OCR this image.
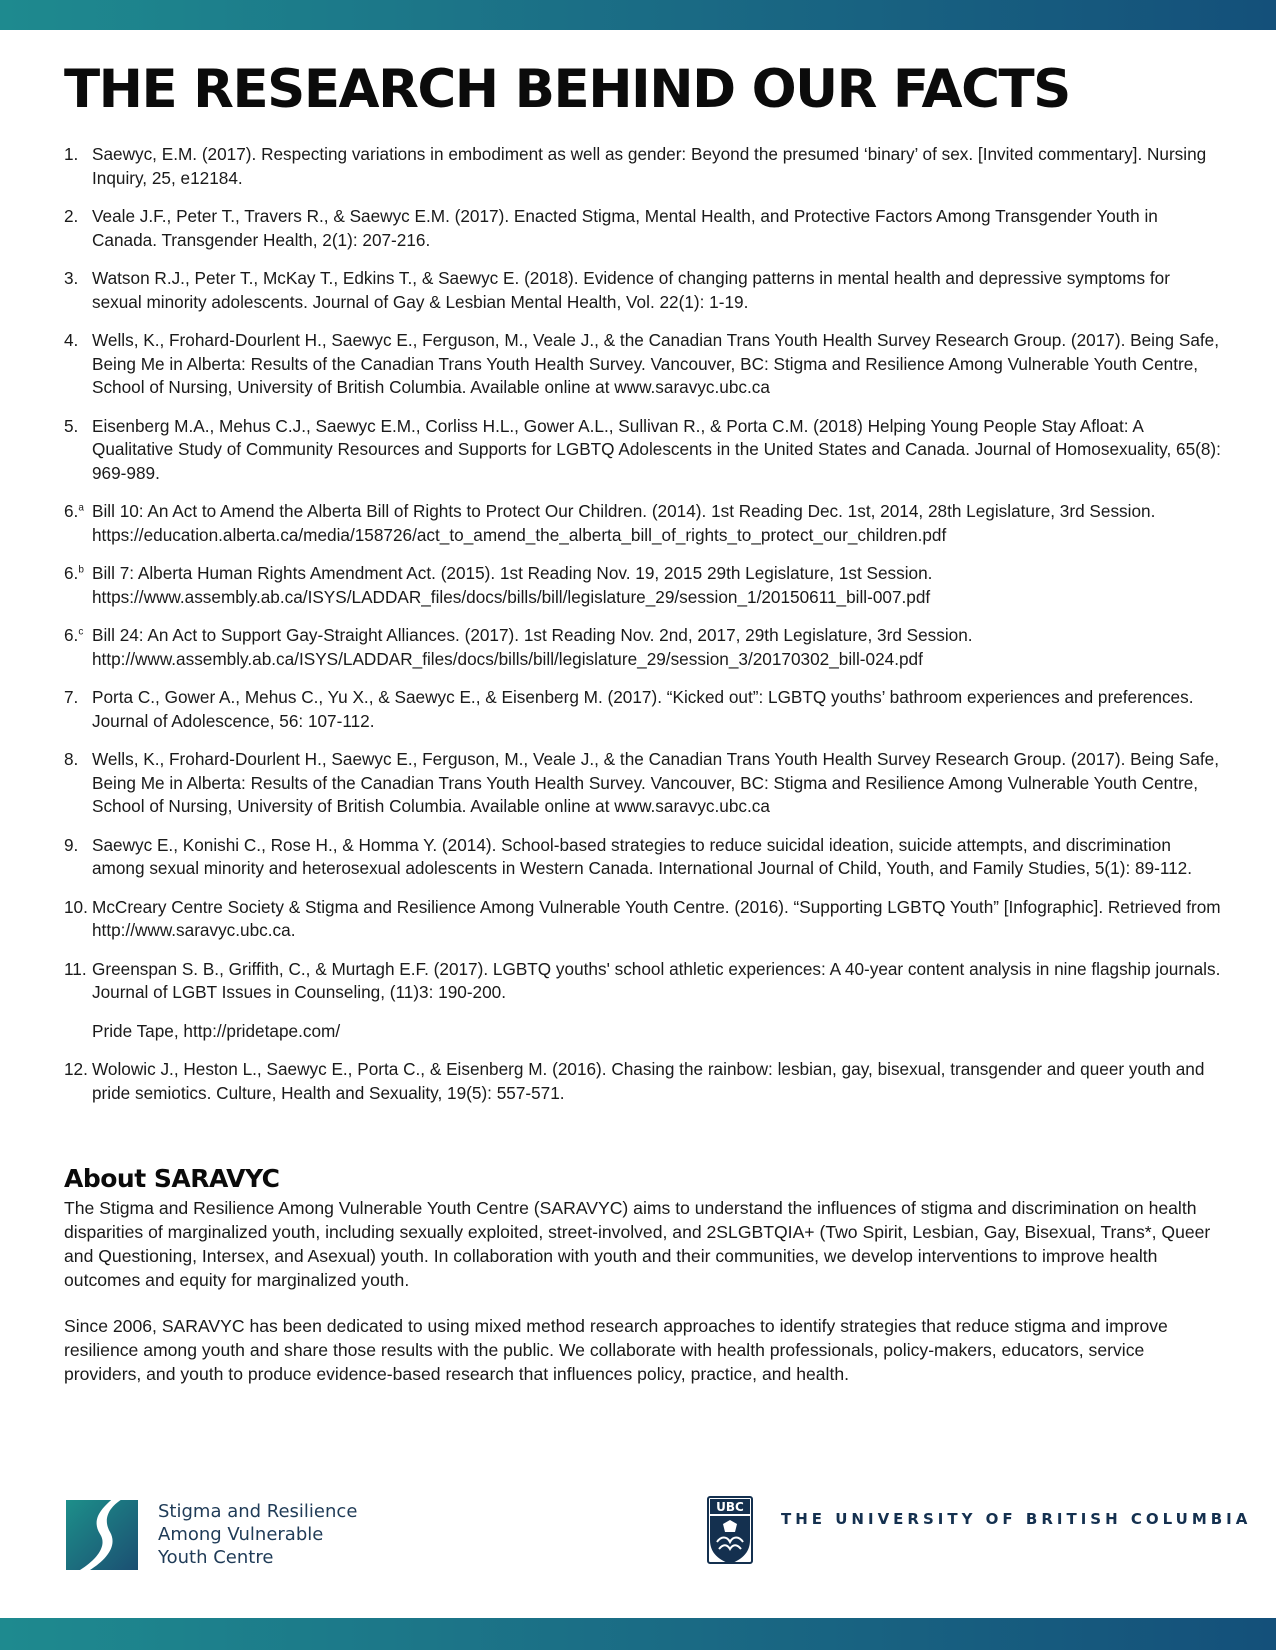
THE RESEARCH BEHIND OUR FACTS
1. Saewyc, E.M. (2017). Respecting variations in embodiment as well as gender: Beyond the presumed ‘binary’ of sex. [Invited commentary]. Nursing Inquiry, 25, e12184.
2. Veale J.F., Peter T., Travers R., & Saewyc E.M. (2017). Enacted Stigma, Mental Health, and Protective Factors Among Transgender Youth in Canada. Transgender Health, 2(1): 207-216.
3. Watson R.J., Peter T., McKay T., Edkins T., & Saewyc E. (2018). Evidence of changing patterns in mental health and depressive symptoms for sexual minority adolescents. Journal of Gay & Lesbian Mental Health, Vol. 22(1): 1-19.
4. Wells, K., Frohard-Dourlent H., Saewyc E., Ferguson, M., Veale J., & the Canadian Trans Youth Health Survey Research Group. (2017). Being Safe, Being Me in Alberta: Results of the Canadian Trans Youth Health Survey. Vancouver, BC: Stigma and Resilience Among Vulnerable Youth Centre, School of Nursing, University of British Columbia. Available online at www.saravyc.ubc.ca
5. Eisenberg M.A., Mehus C.J., Saewyc E.M., Corliss H.L., Gower A.L., Sullivan R., & Porta C.M. (2018) Helping Young People Stay Afloat: A Qualitative Study of Community Resources and Supports for LGBTQ Adolescents in the United States and Canada. Journal of Homosexuality, 65(8): 969-989.
6.$^a$ Bill 10: An Act to Amend the Alberta Bill of Rights to Protect Our Children. (2014). 1st Reading Dec. 1st, 2014, 28th Legislature, 3rd Session. https://education.alberta.ca/media/158726/act_to_amend_the_alberta_bill_of_rights_to_protect_our_children.pdf
6.$^b$ Bill 7: Alberta Human Rights Amendment Act. (2015). 1st Reading Nov. 19, 2015 29th Legislature, 1st Session. https://www.assembly.ab.ca/ISYS/LADDAR_files/docs/bills/bill/legislature_29/session_1/20150611_bill-007.pdf
6.$^c$ Bill 24: An Act to Support Gay-Straight Alliances. (2017). 1st Reading Nov. 2nd, 2017, 29th Legislature, 3rd Session. http://www.assembly.ab.ca/ISYS/LADDAR_files/docs/bills/bill/legislature_29/session_3/20170302_bill-024.pdf
7. Porta C., Gower A., Mehus C., Yu X., & Saewyc E., & Eisenberg M. (2017). “Kicked out”: LGBTQ youths’ bathroom experiences and preferences. Journal of Adolescence, 56: 107-112.
8. Wells, K., Frohard-Dourlent H., Saewyc E., Ferguson, M., Veale J., & the Canadian Trans Youth Health Survey Research Group. (2017). Being Safe, Being Me in Alberta: Results of the Canadian Trans Youth Health Survey. Vancouver, BC: Stigma and Resilience Among Vulnerable Youth Centre, School of Nursing, University of British Columbia. Available online at www.saravyc.ubc.ca
9. Saewyc E., Konishi C., Rose H., & Homma Y. (2014). School-based strategies to reduce suicidal ideation, suicide attempts, and discrimination among sexual minority and heterosexual adolescents in Western Canada. International Journal of Child, Youth, and Family Studies, 5(1): 89-112.
10. McCreary Centre Society & Stigma and Resilience Among Vulnerable Youth Centre. (2016). “Supporting LGBTQ Youth” [Infographic]. Retrieved from http://www.saravyc.ubc.ca.
11. Greenspan S. B., Griffith, C., & Murtagh E.F. (2017). LGBTQ youths' school athletic experiences: A 40-year content analysis in nine flagship journals. Journal of LGBT Issues in Counseling, (11)3: 190-200.
Pride Tape, http://pridetape.com/
12. Wolowic J., Heston L., Saewyc E., Porta C., & Eisenberg M. (2016). Chasing the rainbow: lesbian, gay, bisexual, transgender and queer youth and pride semiotics. Culture, Health and Sexuality, 19(5): 557-571.
About SARAVYC

The Stigma and Resilience Among Vulnerable Youth Centre (SARAVYC) aims to understand the influences of stigma and discrimination on health disparities of marginalized youth, including sexually exploited, street-involved, and 2SLGBTQIA+ (Two Spirit, Lesbian, Gay, Bisexual, Trans*, Queer and Questioning, Intersex, and Asexual) youth. In collaboration with youth and their communities, we develop interventions to improve health outcomes and equity for marginalized youth.

Since 2006, SARAVYC has been dedicated to using mixed method research approaches to identify strategies that reduce stigma and improve resilience among youth and share those results with the public. We collaborate with health professionals, policy-makers, educators, service providers, and youth to produce evidence-based research that influences policy, practice, and health.

Stigma and Resilience
Among Vulnerable
Youth Centre
UBC
THE UNIVERSITY OF BRITISH COLUMBIA
